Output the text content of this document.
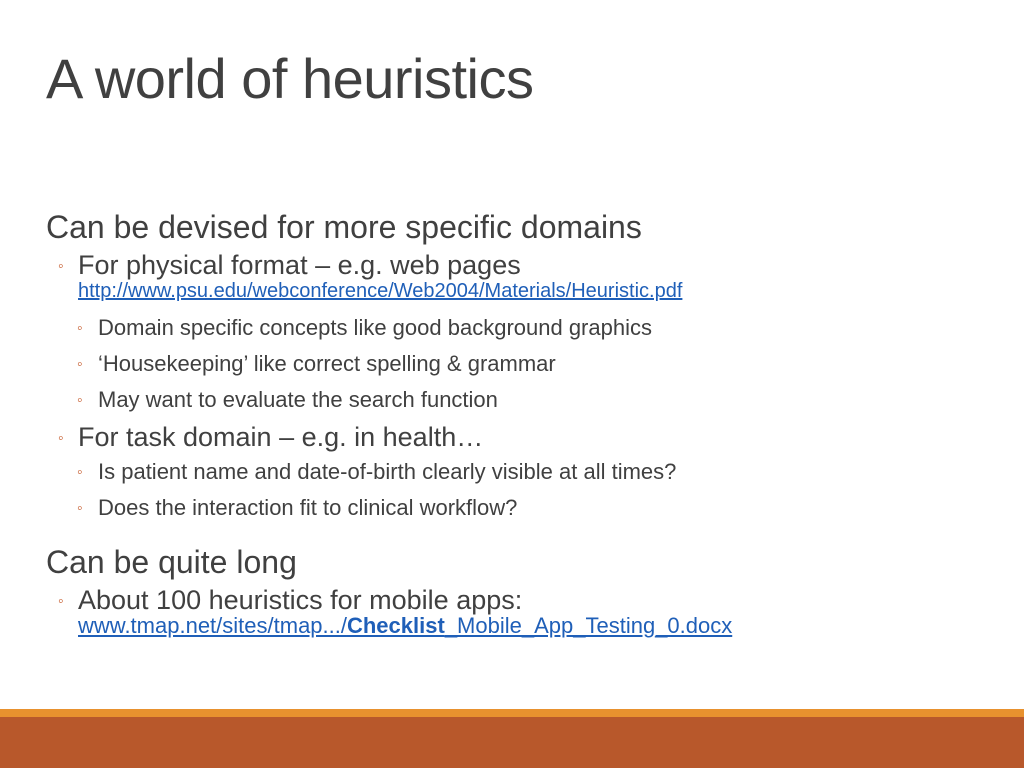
A world of heuristics
Can be devised for more specific domains
◦ For physical format – e.g. web pages
http://www.psu.edu/webconference/Web2004/Materials/Heuristic.pdf
◦ Domain specific concepts like good background graphics
◦ ‘Housekeeping’ like correct spelling & grammar
◦ May want to evaluate the search function
◦ For task domain – e.g. in health…
◦ Is patient name and date-of-birth clearly visible at all times?
◦ Does the interaction fit to clinical workflow?
Can be quite long
◦ About 100 heuristics for mobile apps:
www.tmap.net/sites/tmap.../Checklist_Mobile_App_Testing_0.docx
